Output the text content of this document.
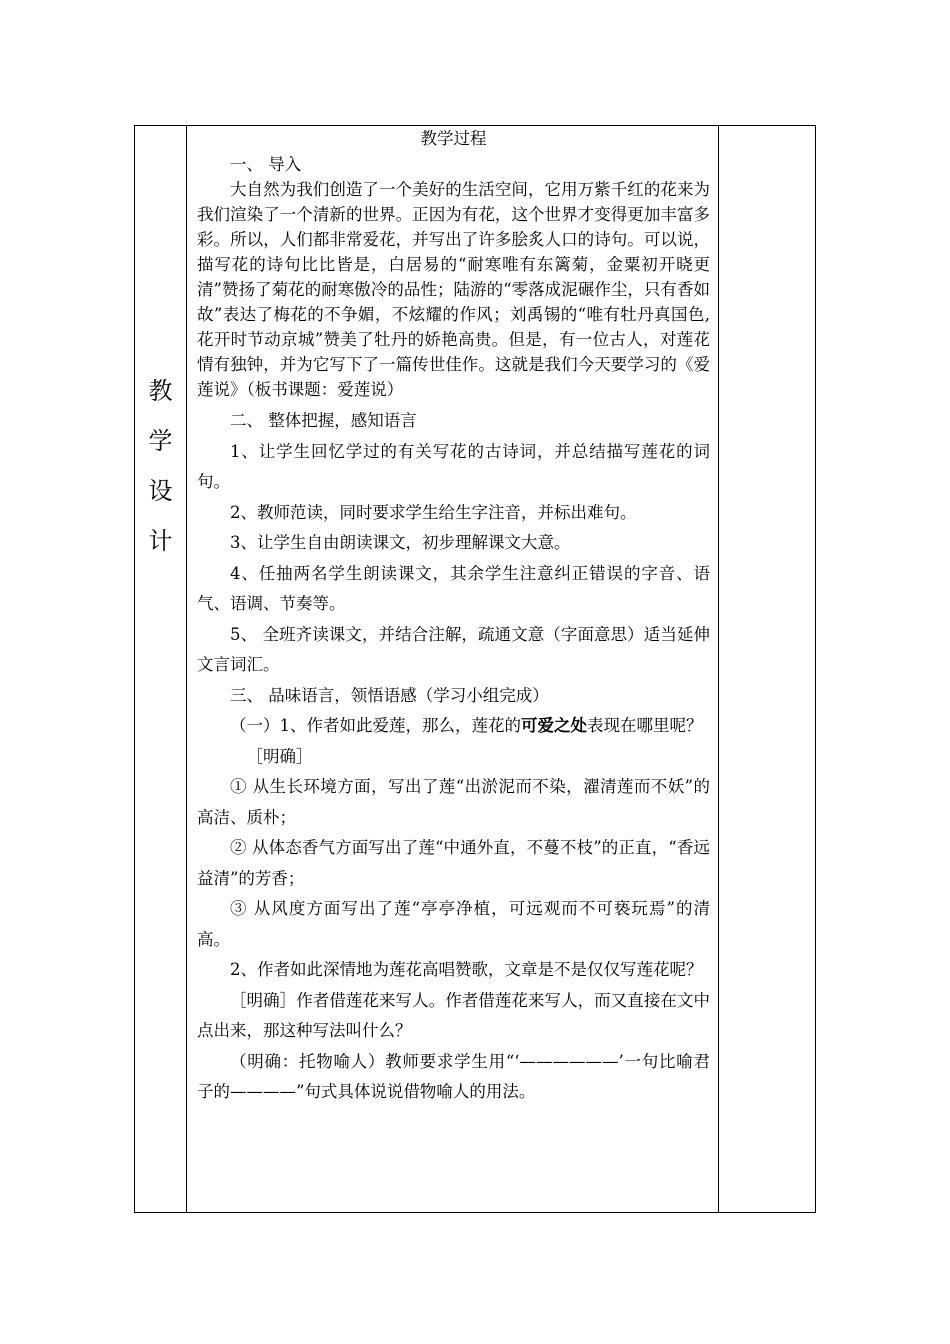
教
学
设
计
教学过程

一、 导入

大自然为我们创造了一个美好的生活空间，它用万紫千红的花来为我们渲染了一个清新的世界。正因为有花，这个世界才变得更加丰富多彩。所以，人们都非常爱花，并写出了许多脍炙人口的诗句。可以说，描写花的诗句比比皆是，白居易的“耐寒唯有东篱菊，金粟初开晓更清”赞扬了菊花的耐寒傲冷的品性；陆游的“零落成泥碾作尘，只有香如故”表达了梅花的不争媚，不炫耀的作风；刘禹锡的“唯有牡丹真国色,花开时节动京城”赞美了牡丹的娇艳高贵。但是，有一位古人，对莲花情有独钟，并为它写下了一篇传世佳作。这就是我们今天要学习的《爱莲说》（板书课题：爱莲说）

二、 整体把握，感知语言

1、让学生回忆学过的有关写花的古诗词，并总结描写莲花的词句。

2、教师范读，同时要求学生给生字注音，并标出难句。

3、让学生自由朗读课文，初步理解课文大意。

4、任抽两名学生朗读课文，其余学生注意纠正错误的字音、语气、语调、节奏等。

5、 全班齐读课文，并结合注解，疏通文意（字面意思）适当延伸文言词汇。

三、 品味语言，领悟语感（学习小组完成）

（一）1、作者如此爱莲，那么，莲花的可爱之处表现在哪里呢？

［明确］

① 从生长环境方面，写出了莲“出淤泥而不染，濯清莲而不妖”的高洁、质朴；

② 从体态香气方面写出了莲“中通外直，不蔓不枝”的正直，“香远益清”的芳香；

③ 从风度方面写出了莲“亭亭净植，可远观而不可亵玩焉”的清高。

2、作者如此深情地为莲花高唱赞歌，文章是不是仅仅写莲花呢？

［明确］作者借莲花来写人。作者借莲花来写人，而又直接在文中点出来，那这种写法叫什么？

（明确：托物喻人）教师要求学生用“‘——————’一句比喻君子的————”句式具体说说借物喻人的用法。
